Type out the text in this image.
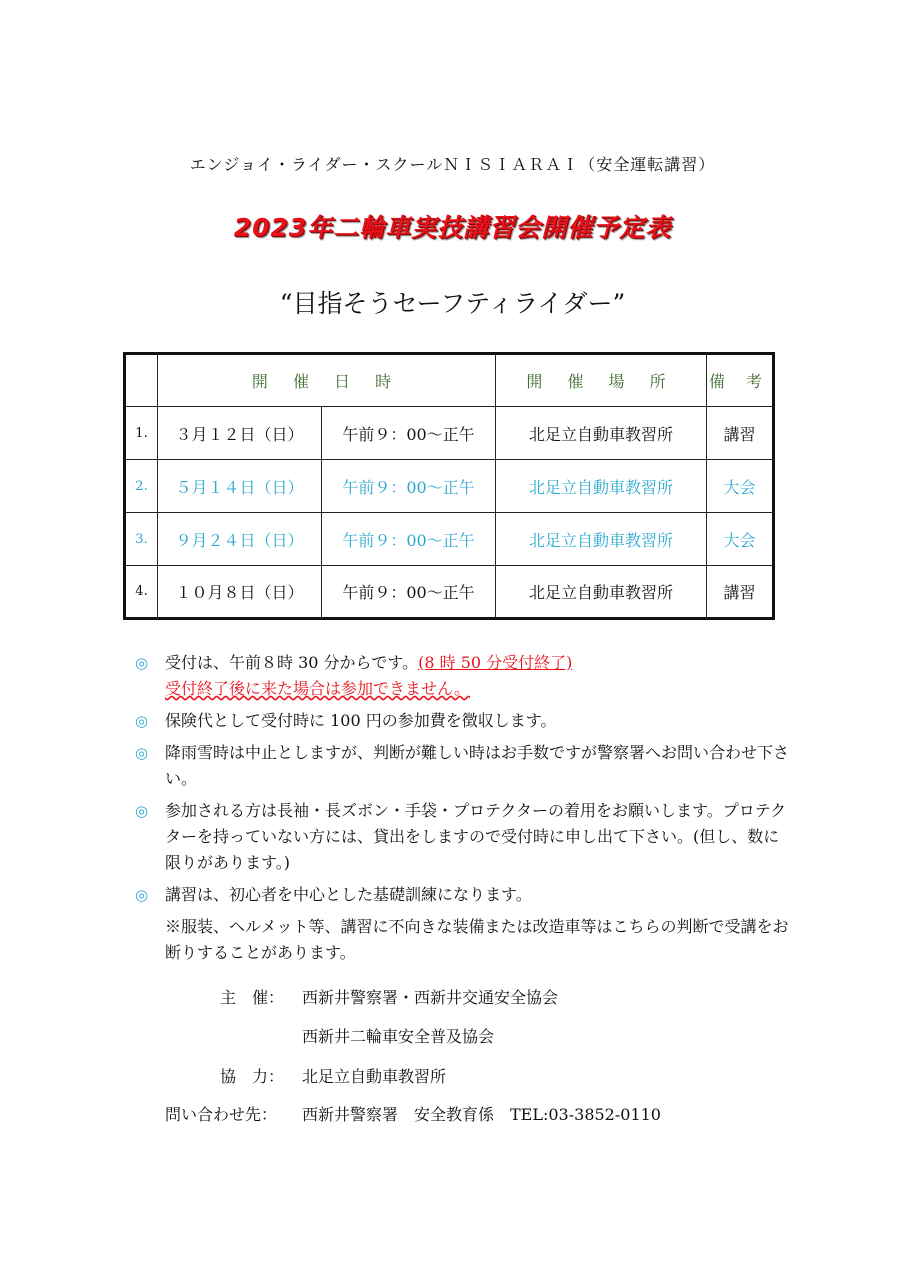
エンジョイ・ライダー・スクールＮＩＳＩＡＲＡＩ（安全運転講習）
2023年二輪車実技講習会開催予定表
“目指そうセーフティライダー”
	開 催 日 時		開 催 場 所	備 考
1.	３月１２日（日）	午前９：00〜正午	北足立自動車教習所	講習
2.	５月１４日（日）	午前９：00〜正午	北足立自動車教習所	大会
3.	９月２４日（日）	午前９：00〜正午	北足立自動車教習所	大会
4.	１０月８日（日）	午前９：00〜正午	北足立自動車教習所	講習
◎ 受付は、午前８時 30 分からです。(8 時 50 分受付終了)
受付終了後に来た場合は参加できません。
◎ 保険代として受付時に 100 円の参加費を徴収します。
◎ 降雨雪時は中止としますが、判断が難しい時はお手数ですが警察署へお問い合わせ下さい。
◎ 参加される方は長袖・長ズボン・手袋・プロテクターの着用をお願いします。プロテクターを持っていない方には、貸出をしますので受付時に申し出て下さい。(但し、数に限りがあります。)
◎ 講習は、初心者を中心とした基礎訓練になります。
※服装、ヘルメット等、講習に不向きな装備または改造車等はこちらの判断で受講をお断りすることがあります。
主　催： 西新井警察署・西新井交通安全協会
西新井二輪車安全普及協会
協　力： 北足立自動車教習所
問い合わせ先： 西新井警察署　安全教育係　TEL:03-3852-0110
